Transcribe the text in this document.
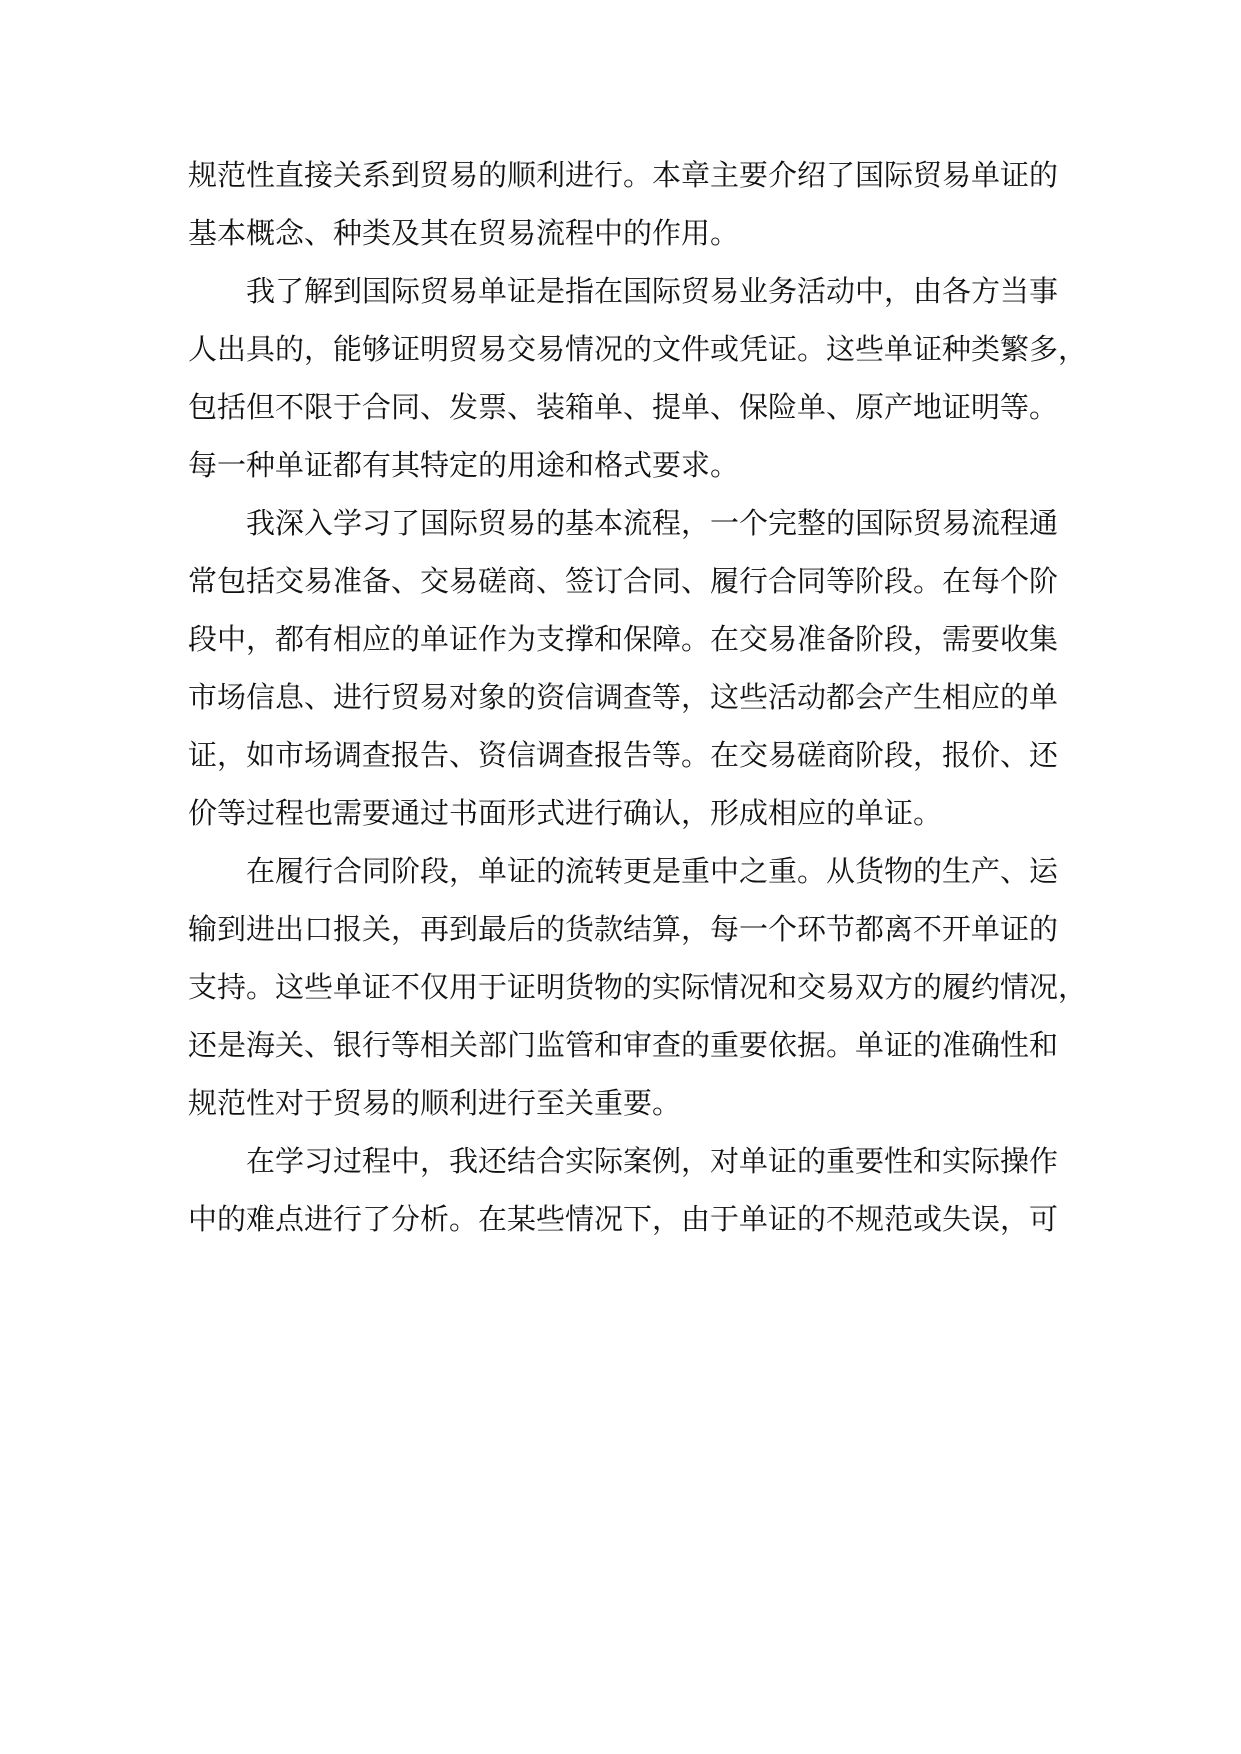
规范性直接关系到贸易的顺利进行。本章主要介绍了国际贸易单证的

基本概念、种类及其在贸易流程中的作用。

我了解到国际贸易单证是指在国际贸易业务活动中，由各方当事

人出具的，能够证明贸易交易情况的文件或凭证。这些单证种类繁多，

包括但不限于合同、发票、装箱单、提单、保险单、原产地证明等。

每一种单证都有其特定的用途和格式要求。

我深入学习了国际贸易的基本流程，一个完整的国际贸易流程通

常包括交易准备、交易磋商、签订合同、履行合同等阶段。在每个阶

段中，都有相应的单证作为支撑和保障。在交易准备阶段，需要收集

市场信息、进行贸易对象的资信调查等，这些活动都会产生相应的单

证，如市场调查报告、资信调查报告等。在交易磋商阶段，报价、还

价等过程也需要通过书面形式进行确认，形成相应的单证。

在履行合同阶段，单证的流转更是重中之重。从货物的生产、运

输到进出口报关，再到最后的货款结算，每一个环节都离不开单证的

支持。这些单证不仅用于证明货物的实际情况和交易双方的履约情况，

还是海关、银行等相关部门监管和审查的重要依据。单证的准确性和

规范性对于贸易的顺利进行至关重要。

在学习过程中，我还结合实际案例，对单证的重要性和实际操作

中的难点进行了分析。在某些情况下，由于单证的不规范或失误，可
